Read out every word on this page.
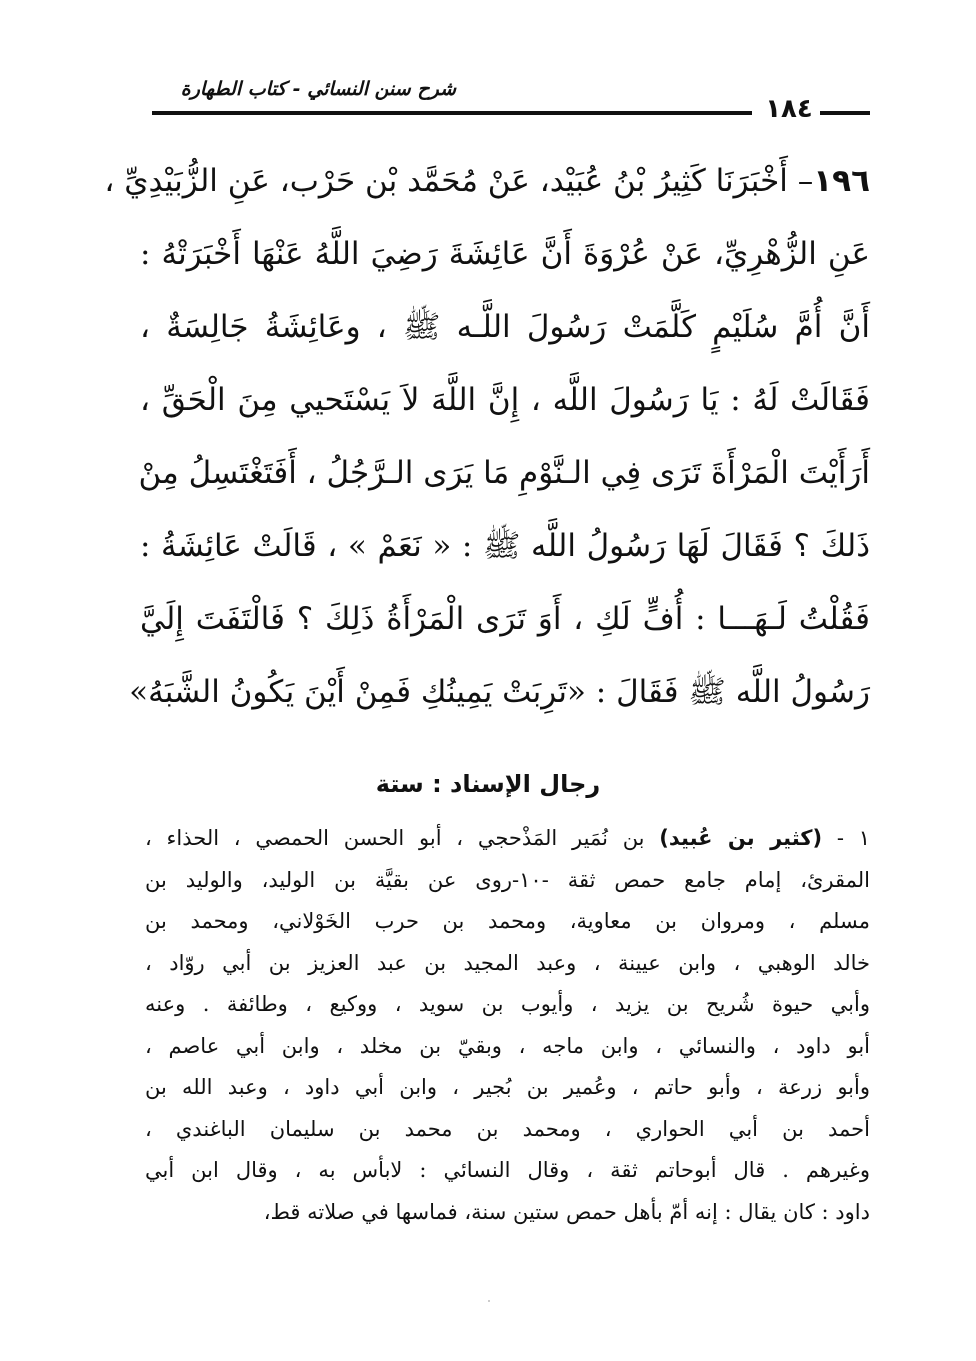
شرح سنن النسائي - كتاب الطهارة
١٨٤
١٩٦– أَخْبَرَنَا كَثِيرُ بْنُ عُبَيْد، عَنْ مُحَمَّد بْن حَرْب، عَنِ الزُّبَيْدِيِّ ،
عَنِ الزُّهْرِيِّ، عَنْ عُرْوَةَ أَنَّ عَائِشَةَ رَضِيَ اللَّهُ عَنْهَا أَخْبَرَتْهُ :
أَنَّ أُمَّ سُلَيْمٍ كَلَّمَتْ رَسُولَ اللَّـه ﷺ ، وعَائِشَةُ جَالِسَةٌ ،
فَقَالَتْ لَهُ : يَا رَسُولَ اللَّه ، إِنَّ اللَّهَ لاَ يَسْتَحيي مِنَ الْحَقِّ ،
أَرَأَيْتَ الْمَرْأَةَ تَرَى فِي الـنَّوْمِ مَا يَرَى الـرَّجُلُ ، أَفَتَغْتَسِلُ مِنْ
ذَلكَ ؟ فَقَالَ لَهَا رَسُولُ اللَّه ﷺ : « نَعَمْ » ، قَالَتْ عَائِشَةُ :
فَقُلْتُ لَـهَـــا : أُفٍّ لَكِ ، أَوَ تَرَى الْمَرْأَةُ ذَلِكَ ؟ فَالْتَفَتَ إِلَيَّ
رَسُولُ اللَّه ﷺ فَقَالَ : «تَرِبَتْ يَمِينُكِ فَمِنْ أَيْنَ يَكُونُ الشَّبَهُ»
رجال الإسناد : ستة
١ - (كثير بن عُبيد) بن نُمَير المَذْحجي ، أبو الحسن الحمصي ، الحذاء ،
المقرئ، إمام جامع حمص ثقة -١٠-روى عن بقيَّة بن الوليد، والوليد بن
مسلم ، ومروان بن معاوية، ومحمد بن حرب الخَوْلاني، ومحمد بن
خالد الوهبي ، وابن عيينة ، وعبد المجيد بن عبد العزيز بن أبي روّاد ،
وأبي حيوة شُريح بن يزيد ، وأيوب بن سويد ، ووكيع ، وطائفة . وعنه
أبو داود ، والنسائي ، وابن ماجه ، وبقيّ بن مخلد ، وابن أبي عاصم ،
وأبو زرعة ، وأبو حاتم ، وعُمير بن بُجير ، وابن أبي داود ، وعبد الله بن
أحمد بن أبي الحواري ، ومحمد بن محمد بن سليمان الباغندي ،
وغيرهم . قال أبوحاتم ثقة ، وقال النسائي : لابأس به ، وقال ابن أبي
داود : كان يقال : إنه أمّ بأهل حمص ستين سنة، فماسها في صلاته قط،
